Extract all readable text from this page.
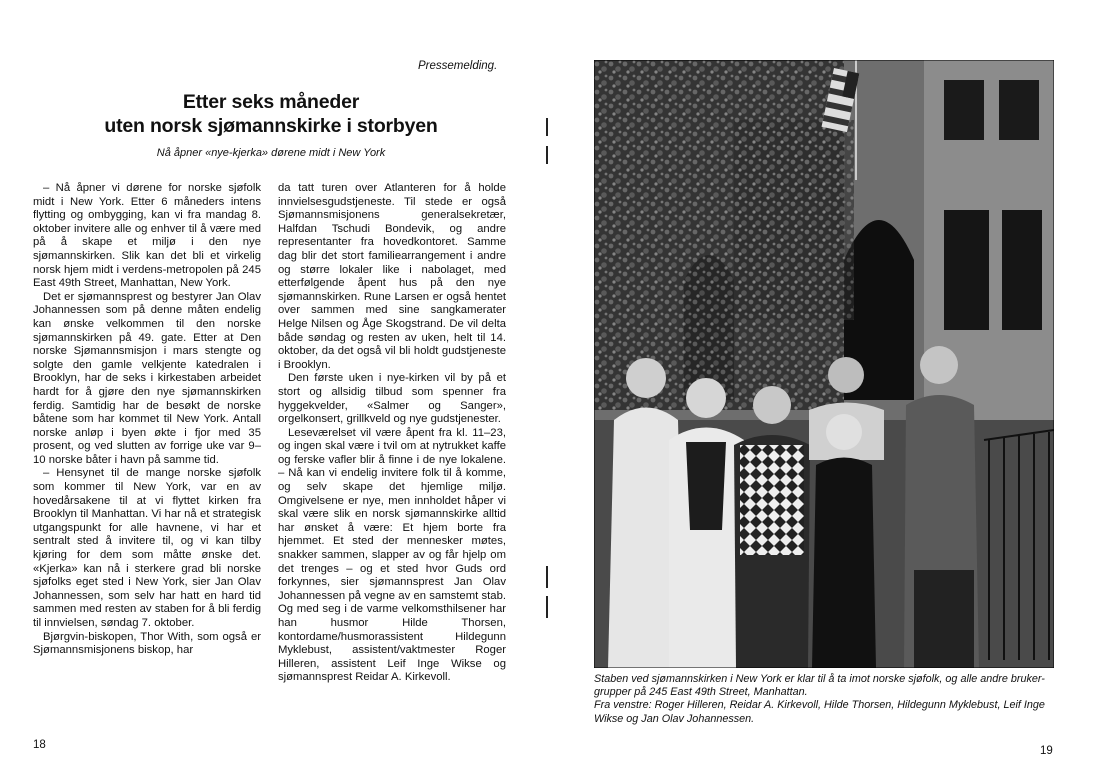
Pressemelding.
Etter seks måneder
uten norsk sjømannskirke i storbyen
Nå åpner «nye-kjerka» dørene midt i New York

– Nå åpner vi dørene for norske sjøfolk midt i New York. Etter 6 måneders intens flytting og ombygging, kan vi fra mandag 8. oktober invitere alle og enhver til å være med på å skape et miljø i den nye sjømannskirken. Slik kan det bli et virkelig norsk hjem midt i verdens-metropolen på 245 East 49th Street, Manhattan, New York.

Det er sjømannsprest og bestyrer Jan Olav Johannessen som på denne måten endelig kan ønske velkommen til den norske sjømannskirken på 49. gate. Etter at Den norske Sjømannsmisjon i mars stengte og solgte den gamle velkjente katedralen i Brooklyn, har de seks i kirkestaben arbeidet hardt for å gjøre den nye sjømannskirken ferdig. Samtidig har de besøkt de norske båtene som har kommet til New York. Antall norske anløp i byen økte i fjor med 35 prosent, og ved slutten av forrige uke var 9–10 norske båter i havn på samme tid.

– Hensynet til de mange norske sjøfolk som kommer til New York, var en av hovedårsakene til at vi flyttet kirken fra Brooklyn til Manhattan. Vi har nå et strategisk utgangspunkt for alle havnene, vi har et sentralt sted å invitere til, og vi kan tilby kjøring for dem som måtte ønske det. «Kjerka» kan nå i sterkere grad bli norske sjøfolks eget sted i New York, sier Jan Olav Johannessen, som selv har hatt en hard tid sammen med resten av staben for å bli ferdig til innvielsen, søndag 7. oktober.

Bjørgvin-biskopen, Thor With, som også er Sjømannsmisjonens biskop, har

da tatt turen over Atlanteren for å holde innvielsesgudstjeneste. Til stede er også Sjømannsmisjonens generalsekretær, Halfdan Tschudi Bondevik, og andre representanter fra hovedkontoret. Samme dag blir det stort familiearrangement i andre og større lokaler like i nabolaget, med etterfølgende åpent hus på den nye sjømannskirken. Rune Larsen er også hentet over sammen med sine sangkamerater Helge Nilsen og Åge Skogstrand. De vil delta både søndag og resten av uken, helt til 14. oktober, da det også vil bli holdt gudstjeneste i Brooklyn.

Den første uken i nye-kirken vil by på et stort og allsidig tilbud som spenner fra hyggekvelder, «Salmer og Sanger», orgelkonsert, grillkveld og nye gudstjenester.

Leseværelset vil være åpent fra kl. 11–23, og ingen skal være i tvil om at nytrukket kaffe og ferske vafler blir å finne i de nye lokalene. – Nå kan vi endelig invitere folk til å komme, og selv skape det hjemlige miljø. Omgivelsene er nye, men innholdet håper vi skal være slik en norsk sjømannskirke alltid har ønsket å være: Et hjem borte fra hjemmet. Et sted der mennesker møtes, snakker sammen, slapper av og får hjelp om det trenges – og et sted hvor Guds ord forkynnes, sier sjømannsprest Jan Olav Johannessen på vegne av en samstemt stab. Og med seg i de varme velkomsthilsener har han husmor Hilde Thorsen, kontordame/husmorassistent Hildegunn Myklebust, assistent/vaktmester Roger Hilleren, assistent Leif Inge Wikse og sjømannsprest Reidar A. Kirkevoll.

18

Staben ved sjømannskirken i New York er klar til å ta imot norske sjøfolk, og alle andre bruker-grupper på 245 East 49th Street, Manhattan.

Fra venstre: Roger Hilleren, Reidar A. Kirkevoll, Hilde Thorsen, Hildegunn Myklebust, Leif Inge Wikse og Jan Olav Johannessen.

19
